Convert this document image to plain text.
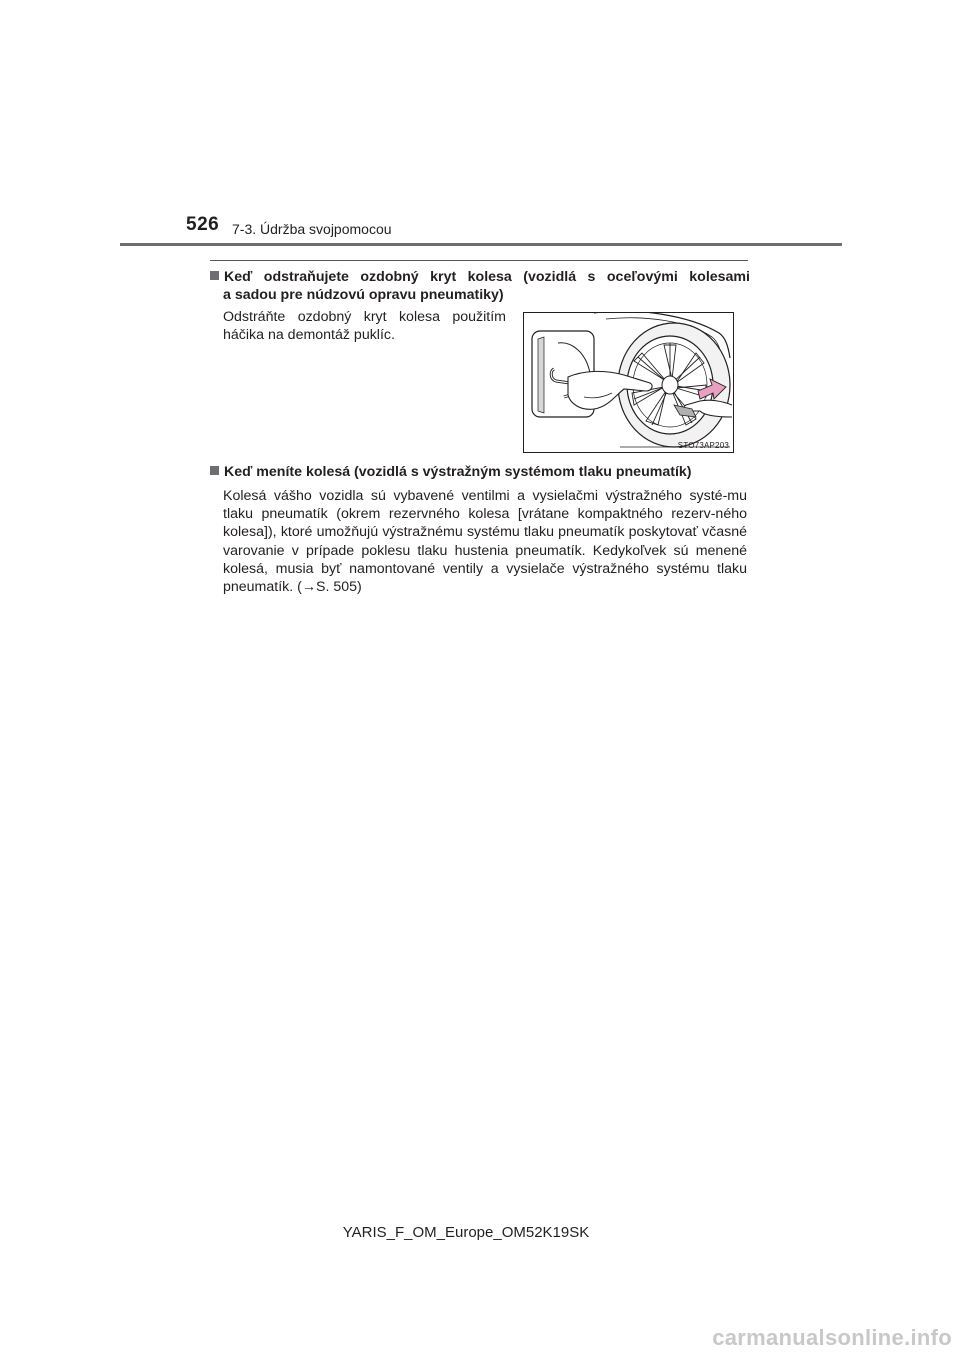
526 7-3. Údržba svojpomocou
Keď odstraňujete ozdobný kryt kolesa (vozidlá s oceľovými kolesami
a sadou pre núdzovú opravu pneumatiky)
Odstráňte ozdobný kryt kolesa použitím háčika na demontáž puklíc.
STO73AP203
Keď meníte kolesá (vozidlá s výstražným systémom tlaku pneumatík)
Kolesá vášho vozidla sú vybavené ventilmi a vysielačmi výstražného systé-mu tlaku pneumatík (okrem rezervného kolesa [vrátane kompaktného rezerv-ného kolesa]), ktoré umožňujú výstražnému systému tlaku pneumatík poskytovať včasné varovanie v prípade poklesu tlaku hustenia pneumatík. Kedykoľvek sú menené kolesá, musia byť namontované ventily a vysielače výstražného systému tlaku pneumatík. (→S. 505)
YARIS_F_OM_Europe_OM52K19SK
carmanualsonline.info
